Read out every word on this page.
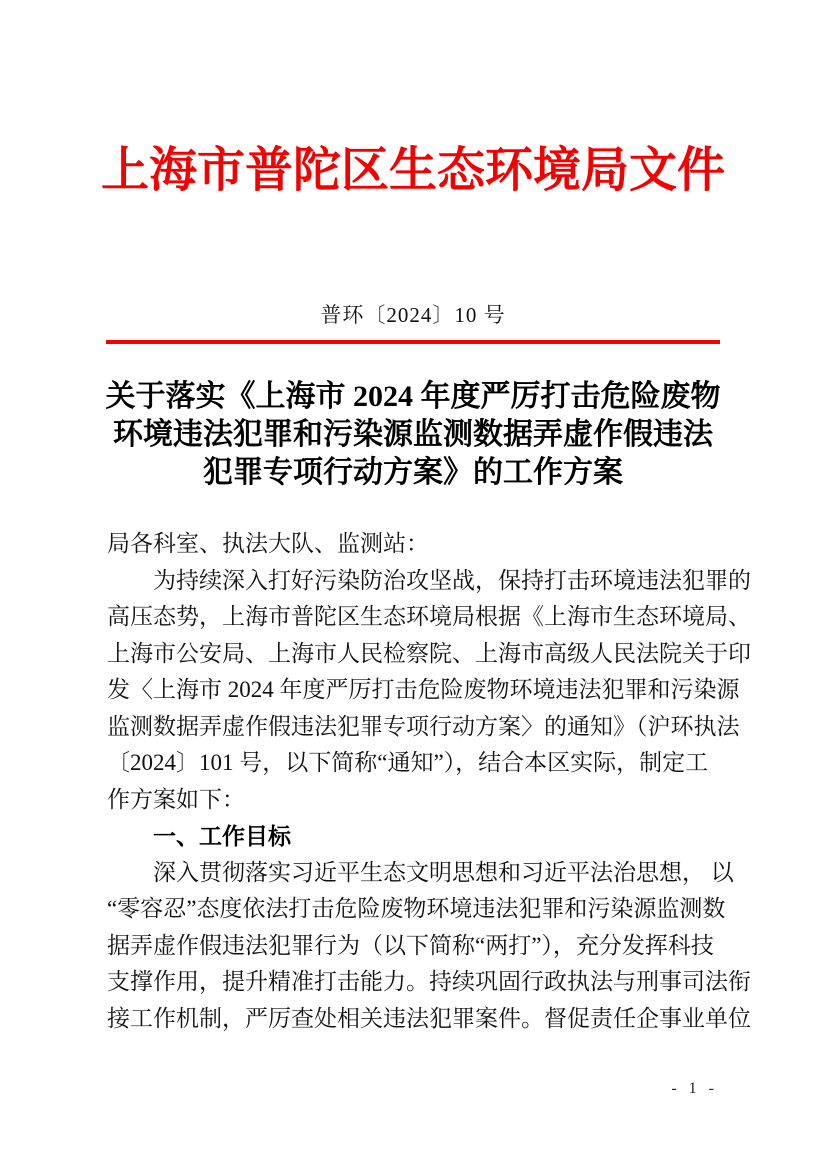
上海市普陀区生态环境局文件
普环〔2024〕10 号
关于落实《上海市 2024 年度严厉打击危险废物
环境违法犯罪和污染源监测数据弄虚作假违法
犯罪专项行动方案》的工作方案
局各科室、执法大队、监测站：
为持续深入打好污染防治攻坚战，保持打击环境违法犯罪的
高压态势，上海市普陀区生态环境局根据《上海市生态环境局、
上海市公安局、上海市人民检察院、上海市高级人民法院关于印
发〈上海市 2024 年度严厉打击危险废物环境违法犯罪和污染源
监测数据弄虚作假违法犯罪专项行动方案〉的通知》（沪环执法
〔2024〕101 号，以下简称“通知”），结合本区实际，制定工
作方案如下：
一、工作目标
深入贯彻落实习近平生态文明思想和习近平法治思想， 以
“零容忍”态度依法打击危险废物环境违法犯罪和污染源监测数
据弄虚作假违法犯罪行为（以下简称“两打”），充分发挥科技
支撑作用，提升精准打击能力。持续巩固行政执法与刑事司法衔
接工作机制，严厉查处相关违法犯罪案件。督促责任企事业单位
- 1 -
